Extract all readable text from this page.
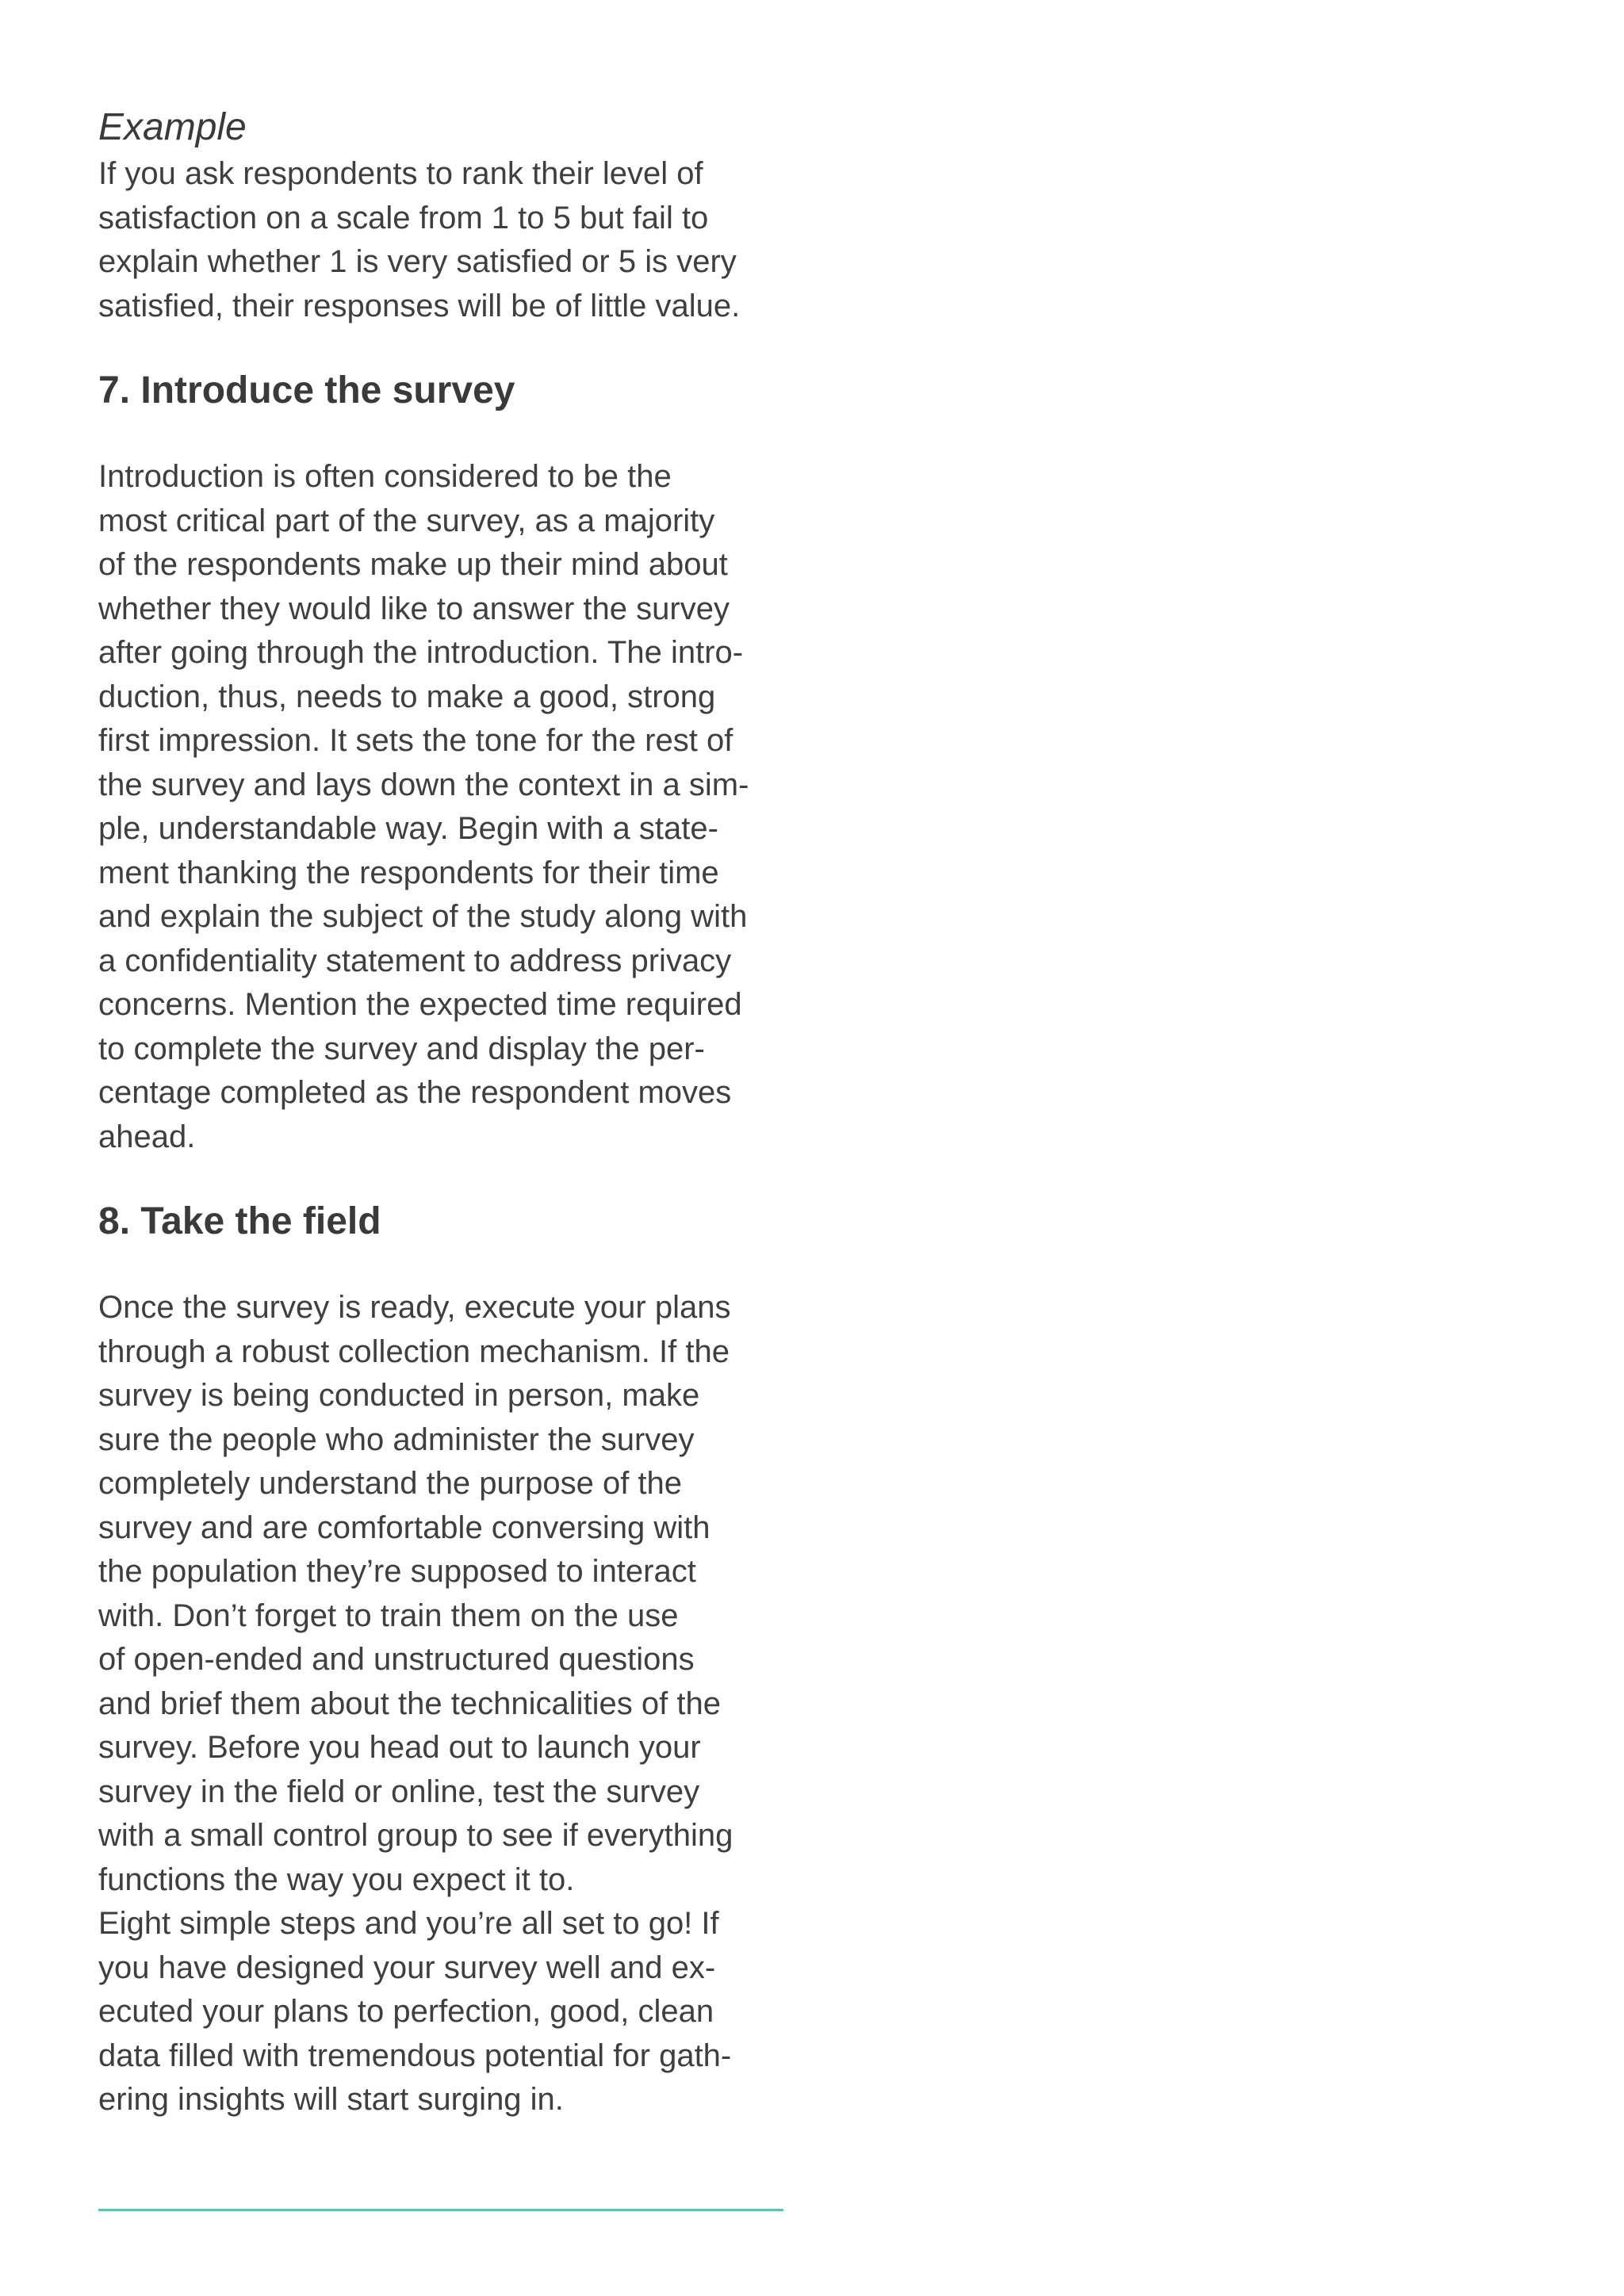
Example

If you ask respondents to rank their level of
satisfaction on a scale from 1 to 5 but fail to
explain whether 1 is very satisfied or 5 is very
satisfied, their responses will be of little value.

7. Introduce the survey

Introduction is often considered to be the
most critical part of the survey, as a majority
of the respondents make up their mind about
whether they would like to answer the survey
after going through the introduction. The intro-
duction, thus, needs to make a good, strong
first impression. It sets the tone for the rest of
the survey and lays down the context in a sim-
ple, understandable way. Begin with a state-
ment thanking the respondents for their time
and explain the subject of the study along with
a confidentiality statement to address privacy
concerns. Mention the expected time required
to complete the survey and display the per-
centage completed as the respondent moves
ahead.

8. Take the field

Once the survey is ready, execute your plans
through a robust collection mechanism. If the
survey is being conducted in person, make
sure the people who administer the survey
completely understand the purpose of the
survey and are comfortable conversing with
the population they’re supposed to interact
with. Don’t forget to train them on the use
of open-ended and unstructured questions
and brief them about the technicalities of the
survey. Before you head out to launch your
survey in the field or online, test the survey
with a small control group to see if everything
functions the way you expect it to.
Eight simple steps and you’re all set to go! If
you have designed your survey well and ex-
ecuted your plans to perfection, good, clean
data filled with tremendous potential for gath-
ering insights will start surging in.
